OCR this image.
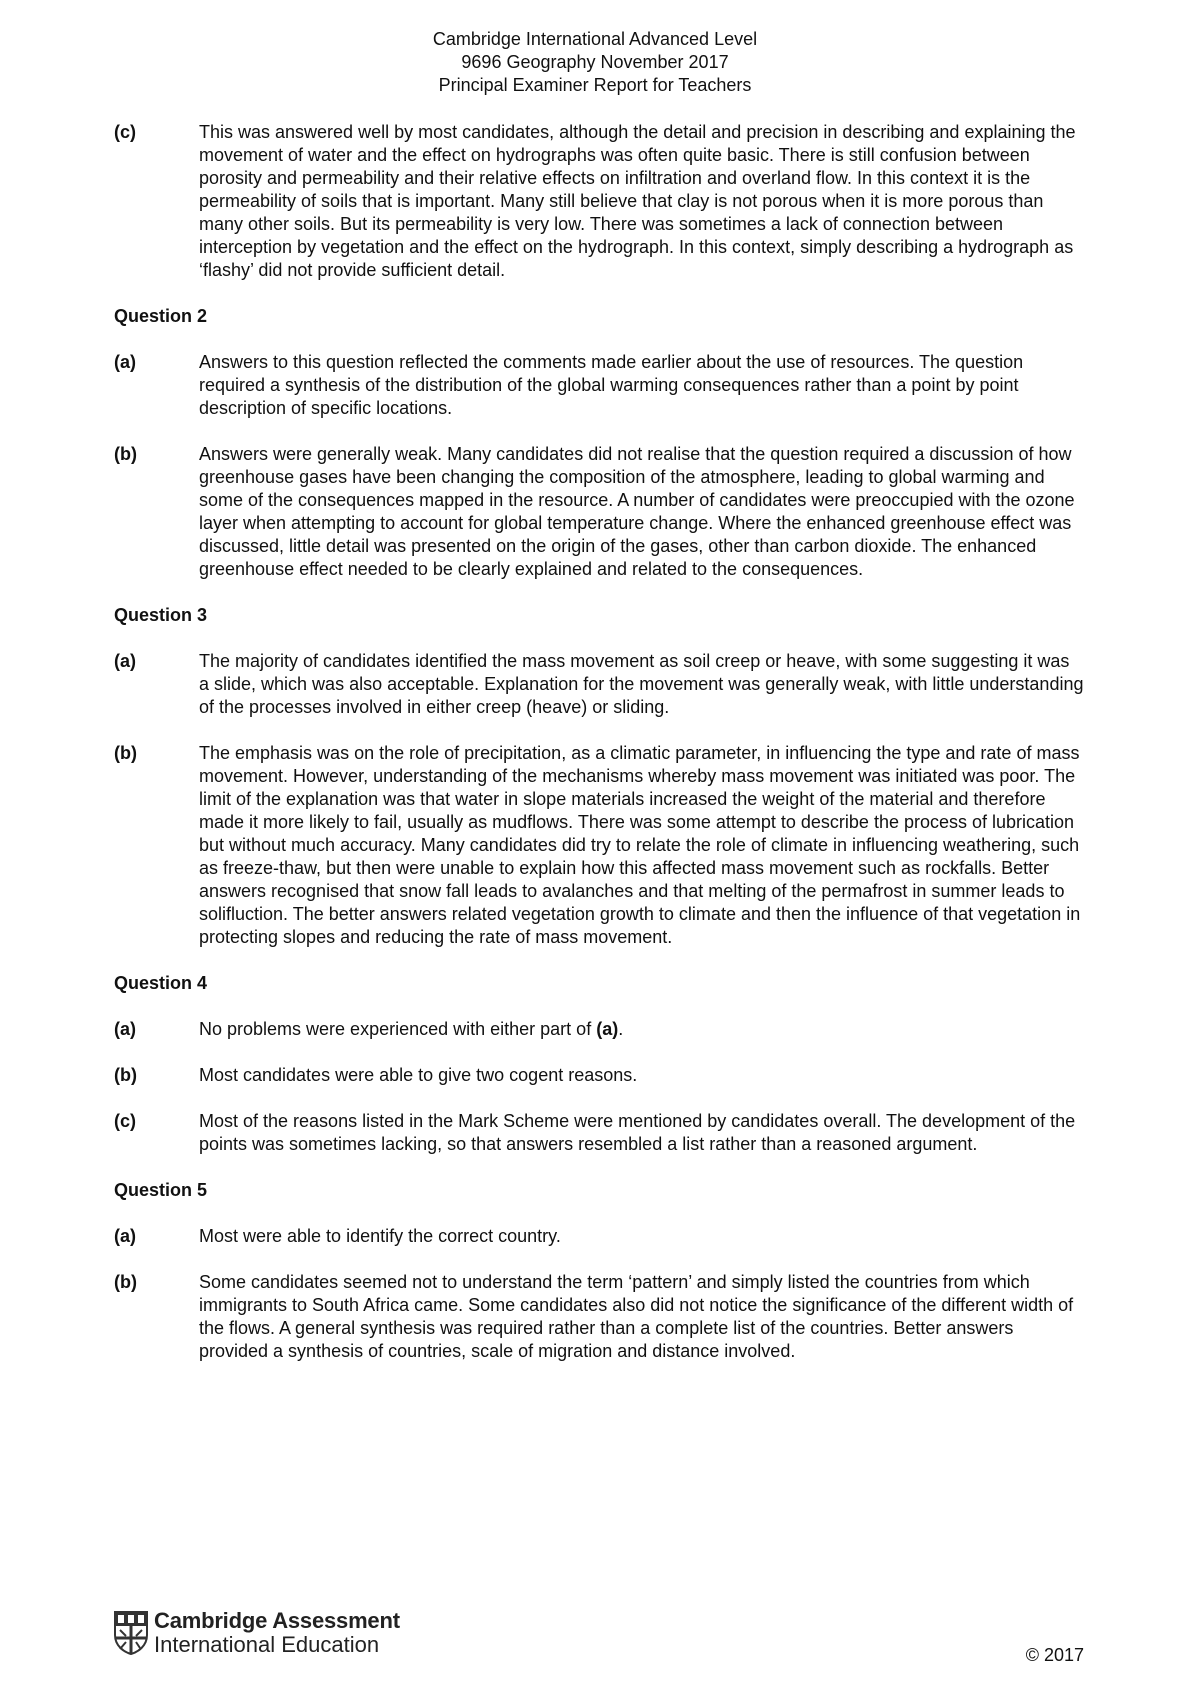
Cambridge International Advanced Level
9696 Geography November 2017
Principal Examiner Report for Teachers
(c)	This was answered well by most candidates, although the detail and precision in describing and explaining the movement of water and the effect on hydrographs was often quite basic. There is still confusion between porosity and permeability and their relative effects on infiltration and overland flow. In this context it is the permeability of soils that is important. Many still believe that clay is not porous when it is more porous than many other soils. But its permeability is very low. There was sometimes a lack of connection between interception by vegetation and the effect on the hydrograph. In this context, simply describing a hydrograph as ‘flashy’ did not provide sufficient detail.
Question 2
(a)	Answers to this question reflected the comments made earlier about the use of resources. The question required a synthesis of the distribution of the global warming consequences rather than a point by point description of specific locations.
(b)	Answers were generally weak. Many candidates did not realise that the question required a discussion of how greenhouse gases have been changing the composition of the atmosphere, leading to global warming and some of the consequences mapped in the resource. A number of candidates were preoccupied with the ozone layer when attempting to account for global temperature change. Where the enhanced greenhouse effect was discussed, little detail was presented on the origin of the gases, other than carbon dioxide. The enhanced greenhouse effect needed to be clearly explained and related to the consequences.
Question 3
(a)	The majority of candidates identified the mass movement as soil creep or heave, with some suggesting it was a slide, which was also acceptable. Explanation for the movement was generally weak, with little understanding of the processes involved in either creep (heave) or sliding.
(b)	The emphasis was on the role of precipitation, as a climatic parameter, in influencing the type and rate of mass movement. However, understanding of the mechanisms whereby mass movement was initiated was poor. The limit of the explanation was that water in slope materials increased the weight of the material and therefore made it more likely to fail, usually as mudflows. There was some attempt to describe the process of lubrication but without much accuracy. Many candidates did try to relate the role of climate in influencing weathering, such as freeze-thaw, but then were unable to explain how this affected mass movement such as rockfalls. Better answers recognised that snow fall leads to avalanches and that melting of the permafrost in summer leads to solifluction. The better answers related vegetation growth to climate and then the influence of that vegetation in protecting slopes and reducing the rate of mass movement.
Question 4
(a)	No problems were experienced with either part of (a).
(b)	Most candidates were able to give two cogent reasons.
(c)	Most of the reasons listed in the Mark Scheme were mentioned by candidates overall. The development of the points was sometimes lacking, so that answers resembled a list rather than a reasoned argument.
Question 5
(a)	Most were able to identify the correct country.
(b)	Some candidates seemed not to understand the term ‘pattern’ and simply listed the countries from which immigrants to South Africa came. Some candidates also did not notice the significance of the different width of the flows. A general synthesis was required rather than a complete list of the countries. Better answers provided a synthesis of countries, scale of migration and distance involved.
Cambridge Assessment
International Education	© 2017
